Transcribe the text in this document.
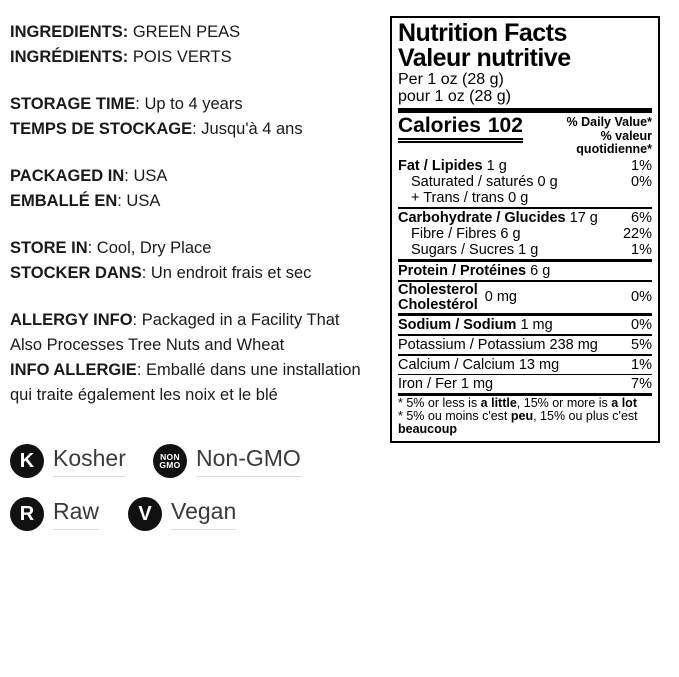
INGREDIENTS: GREEN PEAS
INGRÉDIENTS: POIS VERTS
STORAGE TIME: Up to 4 years
TEMPS DE STOCKAGE: Jusqu'à 4 ans
PACKAGED IN: USA
EMBALLÉ EN: USA
STORE IN: Cool, Dry Place
STOCKER DANS: Un endroit frais et sec
ALLERGY INFO: Packaged in a Facility That
Also Processes Tree Nuts and Wheat
INFO ALLERGIE: Emballé dans une installation
qui traite également les noix et le blé
Nutrition Facts
Valeur nutritive
Per 1 oz (28 g)
pour 1 oz (28 g)
Calories 102	% Daily Value*
% valeur quotidienne*
Fat / Lipides 1 g	1%
Saturated / saturés 0 g	0%
+ Trans / trans 0 g
Carbohydrate / Glucides 17 g 6%
Fibre / Fibres 6 g	22%
Sugars / Sucres 1 g	1%
Protein / Protéines 6 g
Cholesterol
Cholestérol 0 mg	0%
Sodium / Sodium 1 mg	0%
Potassium / Potassium 238 mg 5%
Calcium / Calcium 13 mg	1%
Iron / Fer 1 mg	7%
* 5% or less is a little, 15% or more is a lot
* 5% ou moins c'est peu, 15% ou plus c'est
beaucoup
K Kosher	NON
GMO Non-GMO
R Raw	V Vegan
